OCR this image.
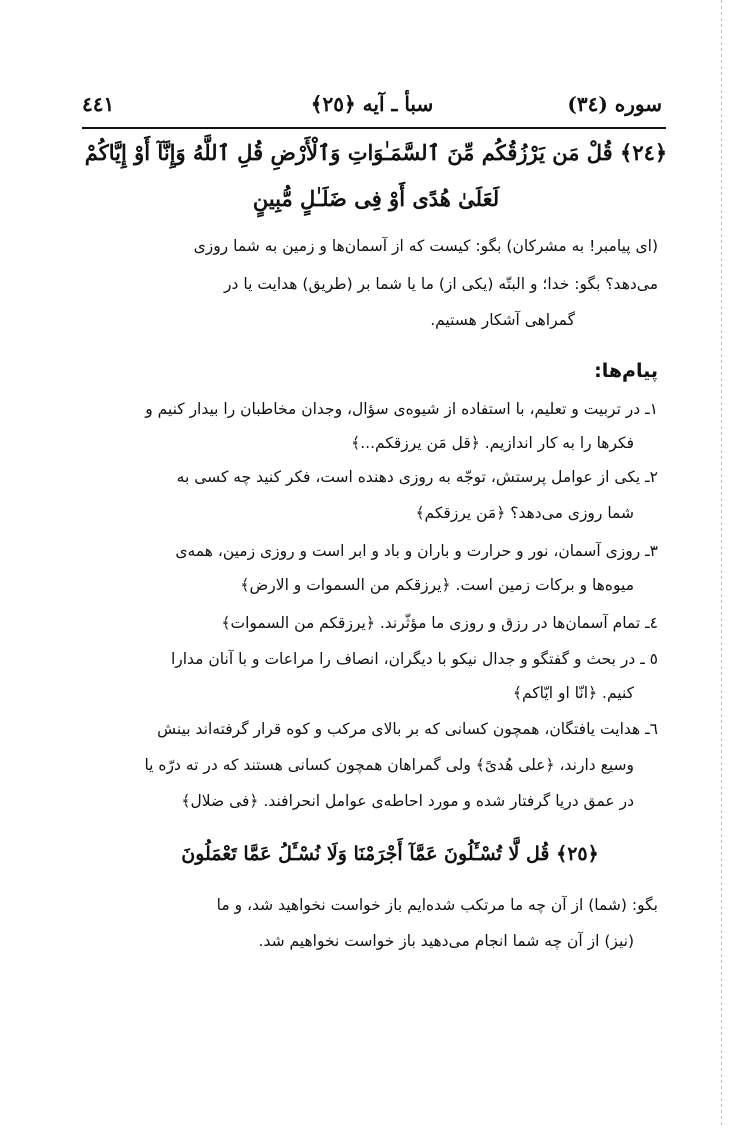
سوره (٣٤)
سبأ ـ آیه ﴿٢٥﴾
٤٤١
﴿٢٤﴾ قُلْ مَن يَرْزُقُكُم مِّنَ ٱلسَّمَـٰوَاتِ وَٱلْأَرْضِ قُلِ ٱللَّهُ وَإِنَّآ أَوْ إِيَّاكُمْ
لَعَلَىٰ هُدًى أَوْ فِى ضَلَـٰلٍ مُّبِينٍ
(ای پیامبر! به مشرکان) بگو: کیست که از آسمان‌ها و زمین به شما روزی
می‌دهد؟ بگو: خدا؛ و البتّه (یکی از) ما یا شما بر (طریق) هدایت یا در
گمراهی آشکار هستیم.
پیام‌ها:
١ـ در تربیت و تعلیم، با استفاده از شیوه‌ی سؤال، وجدان مخاطبان را بیدار کنیم و
فکرها را به کار اندازیم. ﴿قل مَن یرزقکم...﴾
٢ـ یکی از عوامل پرستش، توجّه به روزی دهنده است، فکر کنید چه کسی به
شما روزی می‌دهد؟ ﴿مَن یرزقکم﴾
٣ـ روزی آسمان، نور و حرارت و باران و باد و ابر است و روزی زمین، همه‌ی
میوه‌ها و برکات زمین است. ﴿یرزقکم من السموات و الارض﴾
٤ـ تمام آسمان‌ها در رزق و روزی ما مؤثّرند. ﴿یرزقکم من السموات﴾
٥ ـ در بحث و گفتگو و جدال نیکو با دیگران، انصاف را مراعات و با آنان مدارا
کنیم. ﴿انّا او ایّاکم﴾
٦ـ هدایت یافتگان، همچون کسانی که بر بالای مرکب و کوه قرار گرفته‌اند بینش
وسیع دارند، ﴿علی هُدیً﴾ ولی گمراهان همچون کسانی هستند که در ته درّه یا
در عمق دریا گرفتار شده و مورد احاطه‌ی عوامل انحرافند. ﴿فی ضلال﴾
﴿٢٥﴾ قُل لَّا تُسْـَٔلُونَ عَمَّآ أَجْرَمْنَا وَلَا نُسْـَٔلُ عَمَّا تَعْمَلُونَ
بگو: (شما) از آن چه ما مرتکب شده‌ایم باز خواست نخواهید شد، و ما
(نیز) از آن چه شما انجام می‌دهید باز خواست نخواهیم شد.
